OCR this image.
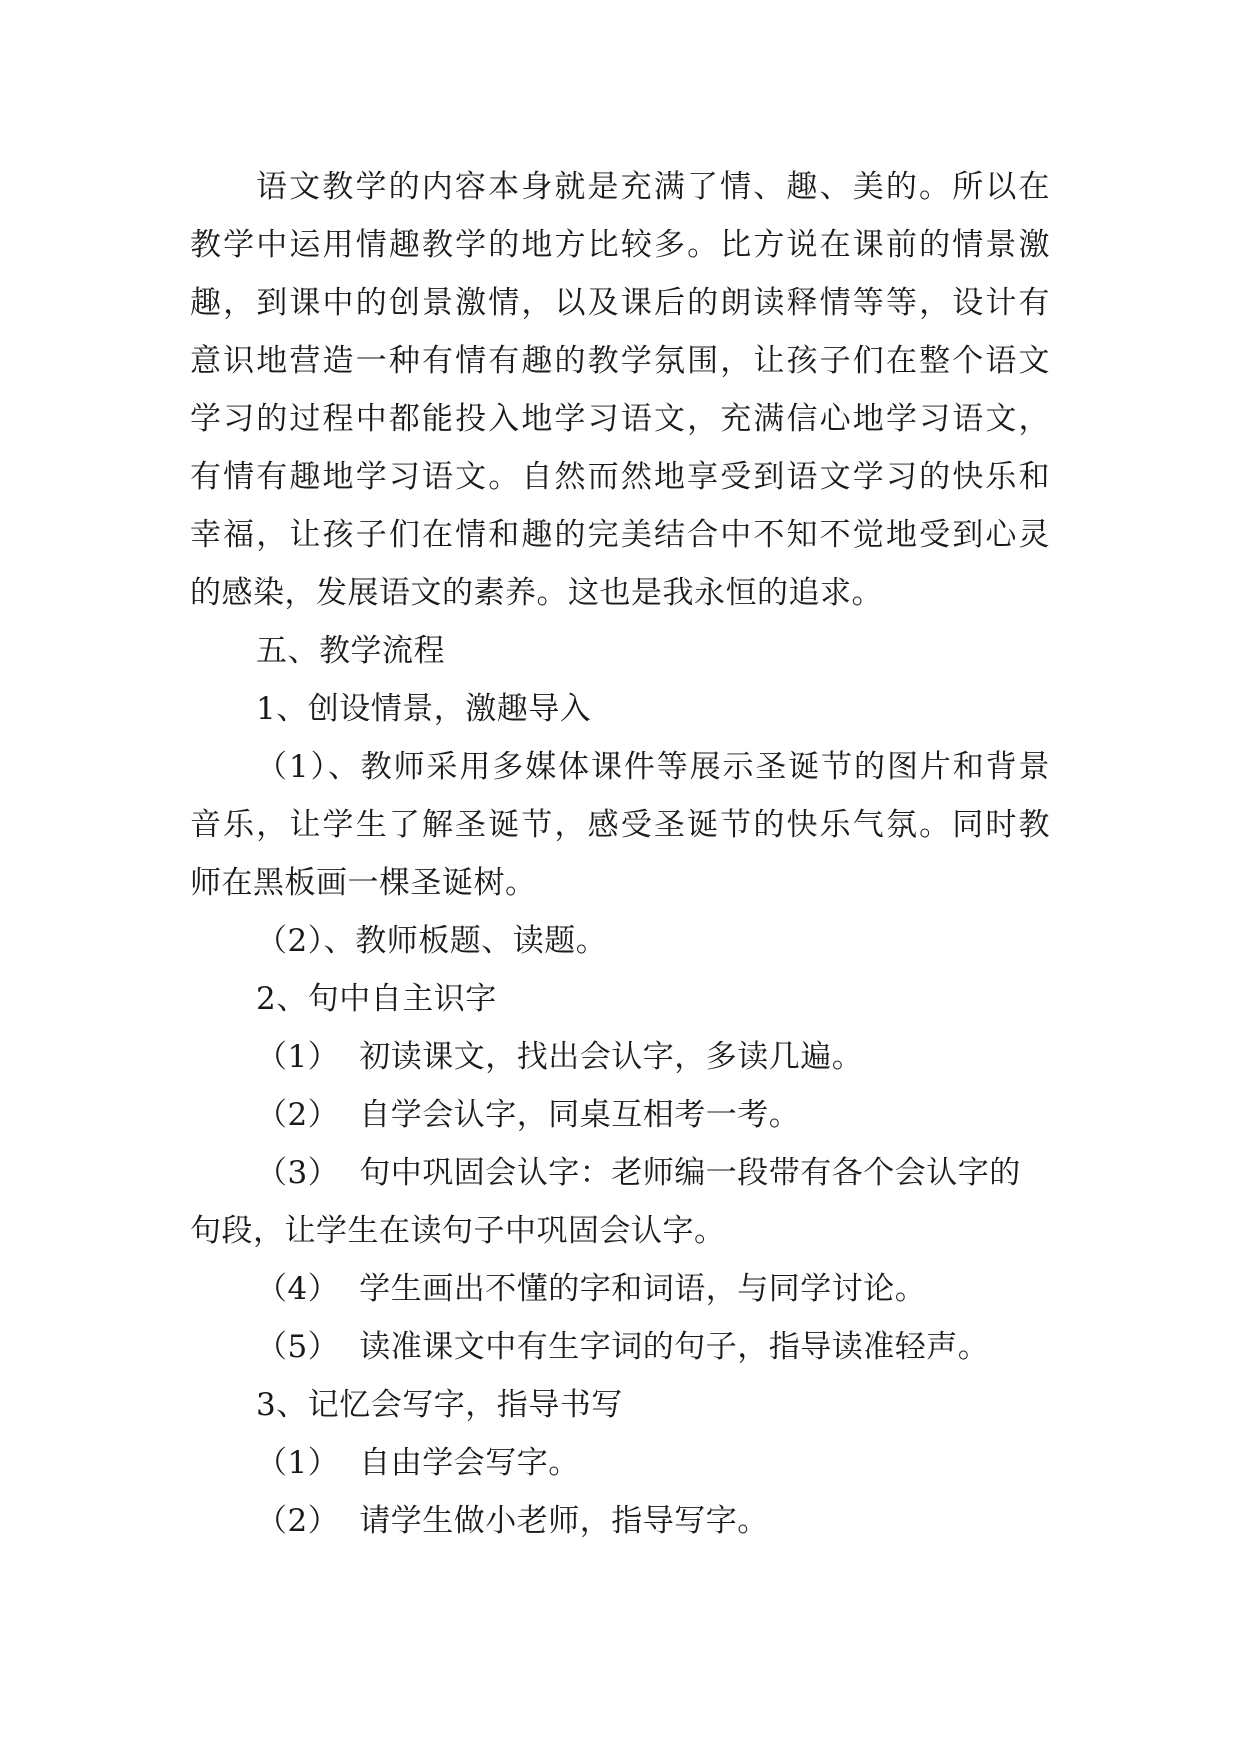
语文教学的内容本身就是充满了情、趣、美的。所以在
教学中运用情趣教学的地方比较多。比方说在课前的情景激
趣，到课中的创景激情，以及课后的朗读释情等等，设计有
意识地营造一种有情有趣的教学氛围，让孩子们在整个语文
学习的过程中都能投入地学习语文，充满信心地学习语文，
有情有趣地学习语文。自然而然地享受到语文学习的快乐和
幸福，让孩子们在情和趣的完美结合中不知不觉地受到心灵
的感染，发展语文的素养。这也是我永恒的追求。
五、教学流程
1、创设情景，激趣导入
（1）、教师采用多媒体课件等展示圣诞节的图片和背景
音乐，让学生了解圣诞节，感受圣诞节的快乐气氛。同时教
师在黑板画一棵圣诞树。
（2）、教师板题、读题。
2、句中自主识字
（1） 初读课文，找出会认字，多读几遍。
（2） 自学会认字，同桌互相考一考。
（3） 句中巩固会认字：老师编一段带有各个会认字的
句段，让学生在读句子中巩固会认字。
（4） 学生画出不懂的字和词语，与同学讨论。
（5） 读准课文中有生字词的句子，指导读准轻声。
3、记忆会写字，指导书写
（1） 自由学会写字。
（2） 请学生做小老师，指导写字。
